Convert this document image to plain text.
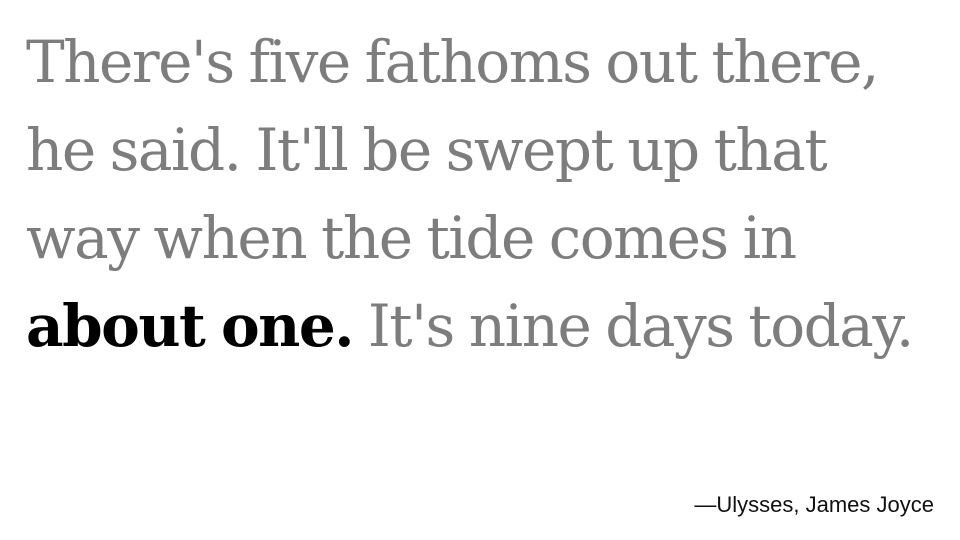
There's five fathoms out there,
he said. It'll be swept up that
way when the tide comes in
about one. It's nine days today.
—Ulysses, James Joyce
